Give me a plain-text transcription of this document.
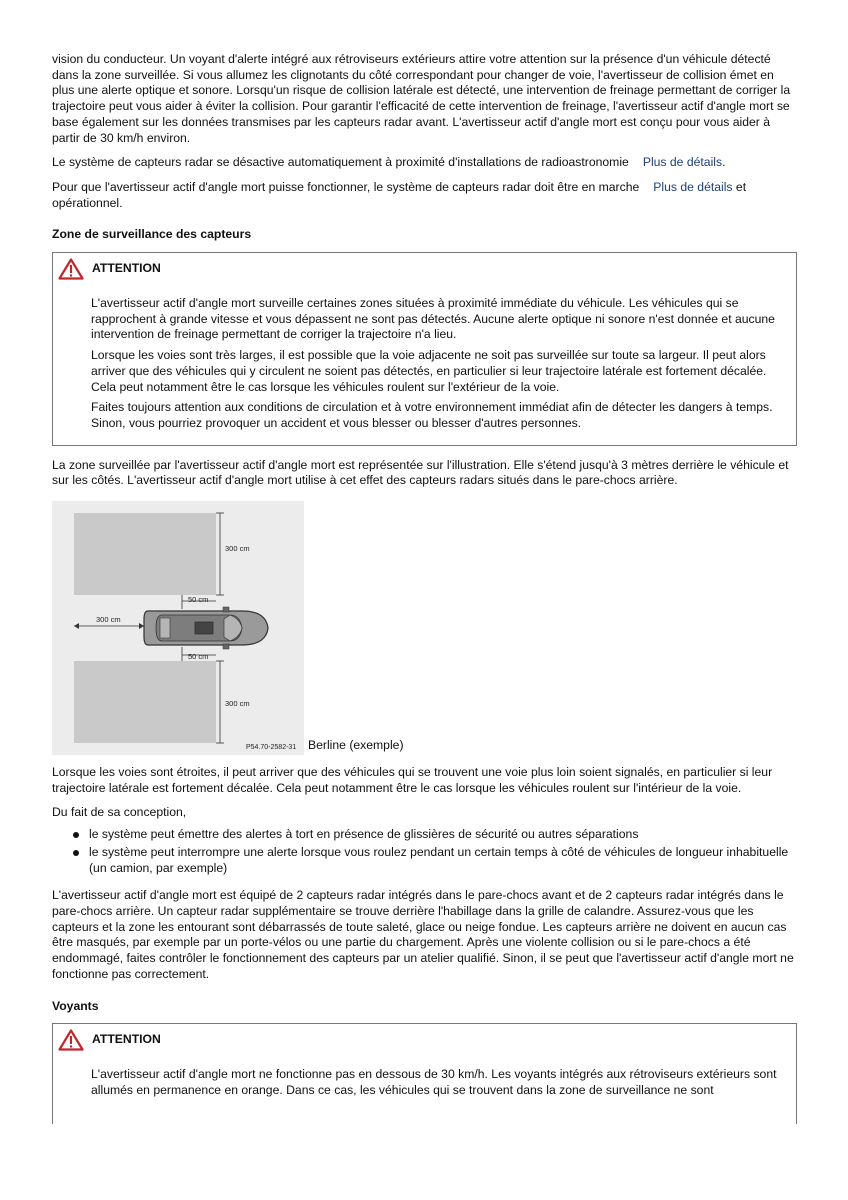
vision du conducteur. Un voyant d'alerte intégré aux rétroviseurs extérieurs attire votre attention sur la présence d'un véhicule détecté dans la zone surveillée. Si vous allumez les clignotants du côté correspondant pour changer de voie, l'avertisseur de collision émet en plus une alerte optique et sonore. Lorsqu'un risque de collision latérale est détecté, une intervention de freinage permettant de corriger la trajectoire peut vous aider à éviter la collision. Pour garantir l'efficacité de cette intervention de freinage, l'avertisseur actif d'angle mort se base également sur les données transmises par les capteurs radar avant. L'avertisseur actif d'angle mort est conçu pour vous aider à partir de 30 km/h environ.

Le système de capteurs radar se désactive automatiquement à proximité d'installations de radioastronomie Plus de détails.

Pour que l'avertisseur actif d'angle mort puisse fonctionner, le système de capteurs radar doit être en marche Plus de détails et opérationnel.

Zone de surveillance des capteurs
ATTENTION

L'avertisseur actif d'angle mort surveille certaines zones situées à proximité immédiate du véhicule. Les véhicules qui se rapprochent à grande vitesse et vous dépassent ne sont pas détectés. Aucune alerte optique ni sonore n'est donnée et aucune intervention de freinage permettant de corriger la trajectoire n'a lieu.

Lorsque les voies sont très larges, il est possible que la voie adjacente ne soit pas surveillée sur toute sa largeur. Il peut alors arriver que des véhicules qui y circulent ne soient pas détectés, en particulier si leur trajectoire latérale est fortement décalée. Cela peut notamment être le cas lorsque les véhicules roulent sur l'extérieur de la voie.

Faites toujours attention aux conditions de circulation et à votre environnement immédiat afin de détecter les dangers à temps. Sinon, vous pourriez provoquer un accident et vous blesser ou blesser d'autres personnes.

La zone surveillée par l'avertisseur actif d'angle mort est représentée sur l'illustration. Elle s'étend jusqu'à 3 mètres derrière le véhicule et sur les côtés. L'avertisseur actif d'angle mort utilise à cet effet des capteurs radars situés dans le pare-chocs arrière.

300 cm
50 cm
300 cm
50 cm
300 cm
P54.70-2582-31 Berline (exemple)

Lorsque les voies sont étroites, il peut arriver que des véhicules qui se trouvent une voie plus loin soient signalés, en particulier si leur trajectoire latérale est fortement décalée. Cela peut notamment être le cas lorsque les véhicules roulent sur l'intérieur de la voie.

Du fait de sa conception,

le système peut émettre des alertes à tort en présence de glissières de sécurité ou autres séparations
le système peut interrompre une alerte lorsque vous roulez pendant un certain temps à côté de véhicules de longueur inhabituelle (un camion, par exemple)

L'avertisseur actif d'angle mort est équipé de 2 capteurs radar intégrés dans le pare-chocs avant et de 2 capteurs radar intégrés dans le pare-chocs arrière. Un capteur radar supplémentaire se trouve derrière l'habillage dans la grille de calandre. Assurez-vous que les capteurs et la zone les entourant sont débarrassés de toute saleté, glace ou neige fondue. Les capteurs arrière ne doivent en aucun cas être masqués, par exemple par un porte-vélos ou une partie du chargement. Après une violente collision ou si le pare-chocs a été endommagé, faites contrôler le fonctionnement des capteurs par un atelier qualifié. Sinon, il se peut que l'avertisseur actif d'angle mort ne fonctionne pas correctement.

Voyants
ATTENTION

L'avertisseur actif d'angle mort ne fonctionne pas en dessous de 30 km/h. Les voyants intégrés aux rétroviseurs extérieurs sont allumés en permanence en orange. Dans ce cas, les véhicules qui se trouvent dans la zone de surveillance ne sont
